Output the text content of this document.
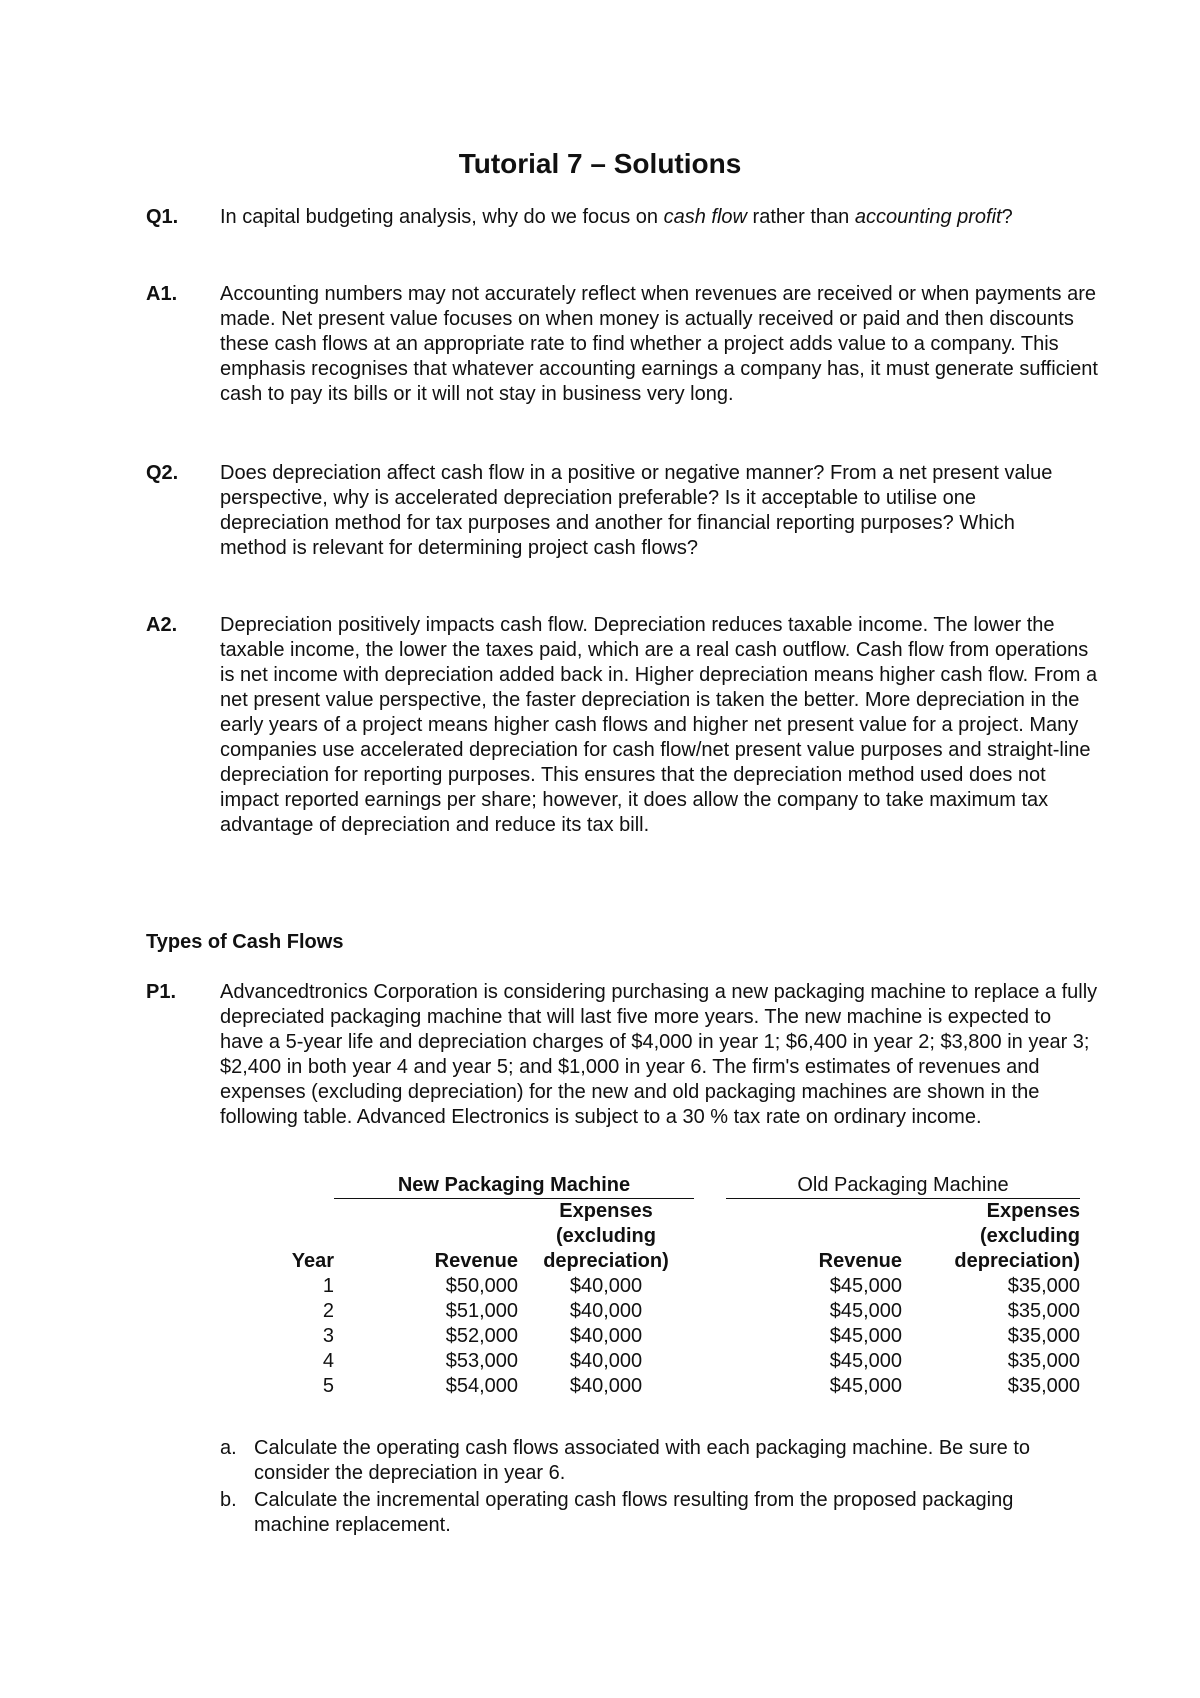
Tutorial 7 – Solutions
Q1. In capital budgeting analysis, why do we focus on cash flow rather than accounting profit?
A1. Accounting numbers may not accurately reflect when revenues are received or when payments are made. Net present value focuses on when money is actually received or paid and then discounts these cash flows at an appropriate rate to find whether a project adds value to a company. This emphasis recognises that whatever accounting earnings a company has, it must generate sufficient cash to pay its bills or it will not stay in business very long.
Q2. Does depreciation affect cash flow in a positive or negative manner? From a net present value perspective, why is accelerated depreciation preferable? Is it acceptable to utilise one depreciation method for tax purposes and another for financial reporting purposes? Which method is relevant for determining project cash flows?
A2. Depreciation positively impacts cash flow. Depreciation reduces taxable income. The lower the taxable income, the lower the taxes paid, which are a real cash outflow. Cash flow from operations is net income with depreciation added back in. Higher depreciation means higher cash flow. From a net present value perspective, the faster depreciation is taken the better. More depreciation in the early years of a project means higher cash flows and higher net present value for a project. Many companies use accelerated depreciation for cash flow/net present value purposes and straight-line depreciation for reporting purposes. This ensures that the depreciation method used does not impact reported earnings per share; however, it does allow the company to take maximum tax advantage of depreciation and reduce its tax bill.
Types of Cash Flows
P1. Advancedtronics Corporation is considering purchasing a new packaging machine to replace a fully depreciated packaging machine that will last five more years. The new machine is expected to have a 5-year life and depreciation charges of $4,000 in year 1; $6,400 in year 2; $3,800 in year 3; $2,400 in both year 4 and year 5; and $1,000 in year 6. The firm's estimates of revenues and expenses (excluding depreciation) for the new and old packaging machines are shown in the following table. Advanced Electronics is subject to a 30 % tax rate on ordinary income.
	New Packaging Machine			Old Packaging Machine	
Year	Revenue	Expenses (excluding depreciation)		Revenue	Expenses (excluding depreciation)
1	$50,000	$40,000		$45,000	$35,000
2	$51,000	$40,000		$45,000	$35,000
3	$52,000	$40,000		$45,000	$35,000
4	$53,000	$40,000		$45,000	$35,000
5	$54,000	$40,000		$45,000	$35,000
a. Calculate the operating cash flows associated with each packaging machine. Be sure to consider the depreciation in year 6.
b. Calculate the incremental operating cash flows resulting from the proposed packaging machine replacement.
